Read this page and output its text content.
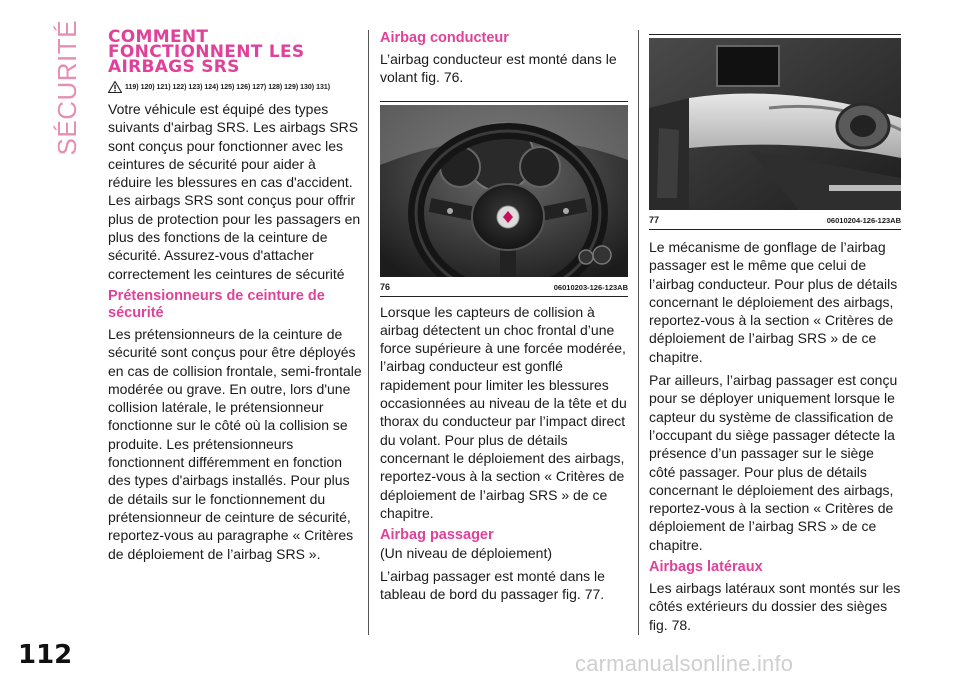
SÉCURITÉ COMMENT
FONCTIONNENT LES
AIRBAGS SRS
119) 120) 121) 122) 123) 124) 125) 126) 127) 128) 129) 130) 131)

Votre véhicule est équipé des types suivants d'airbag SRS. Les airbags SRS sont conçus pour fonctionner avec les ceintures de sécurité pour aider à réduire les blessures en cas d'accident. Les airbags SRS sont conçus pour offrir plus de protection pour les passagers en plus des fonctions de la ceinture de sécurité. Assurez-vous d'attacher correctement les ceintures de sécurité

Prétensionneurs de ceinture de sécurité

Les prétensionneurs de la ceinture de sécurité sont conçus pour être déployés en cas de collision frontale, semi-frontale modérée ou grave. En outre, lors d'une collision latérale, le prétensionneur fonctionne sur le côté où la collision se produite. Les prétensionneurs fonctionnent différemment en fonction des types d'airbags installés. Pour plus de détails sur le fonctionnement du prétensionneur de ceinture de sécurité, reportez-vous au paragraphe « Critères de déploiement de l’airbag SRS ».

Airbag conducteur

L’airbag conducteur est monté dans le volant fig. 76.

76	06010203-126-123AB

Lorsque les capteurs de collision à airbag détectent un choc frontal d’une force supérieure à une forcée modérée, l’airbag conducteur est gonflé rapidement pour limiter les blessures occasionnées au niveau de la tête et du thorax du conducteur par l’impact direct du volant. Pour plus de détails concernant le déploiement des airbags, reportez-vous à la section « Critères de déploiement de l’airbag SRS » de ce chapitre.

Airbag passager
(Un niveau de déploiement)

L’airbag passager est monté dans le tableau de bord du passager fig. 77.

77	06010204-126-123AB

Le mécanisme de gonflage de l’airbag passager est le même que celui de l’airbag conducteur. Pour plus de détails concernant le déploiement des airbags, reportez-vous à la section « Critères de déploiement de l’airbag SRS » de ce chapitre.

Par ailleurs, l’airbag passager est conçu pour se déployer uniquement lorsque le capteur du système de classification de l’occupant du siège passager détecte la présence d’un passager sur le siège côté passager. Pour plus de détails concernant le déploiement des airbags, reportez-vous à la section « Critères de déploiement de l’airbag SRS » de ce chapitre.

Airbags latéraux

Les airbags latéraux sont montés sur les côtés extérieurs du dossier des sièges fig. 78.

112	carmanualsonline.info
